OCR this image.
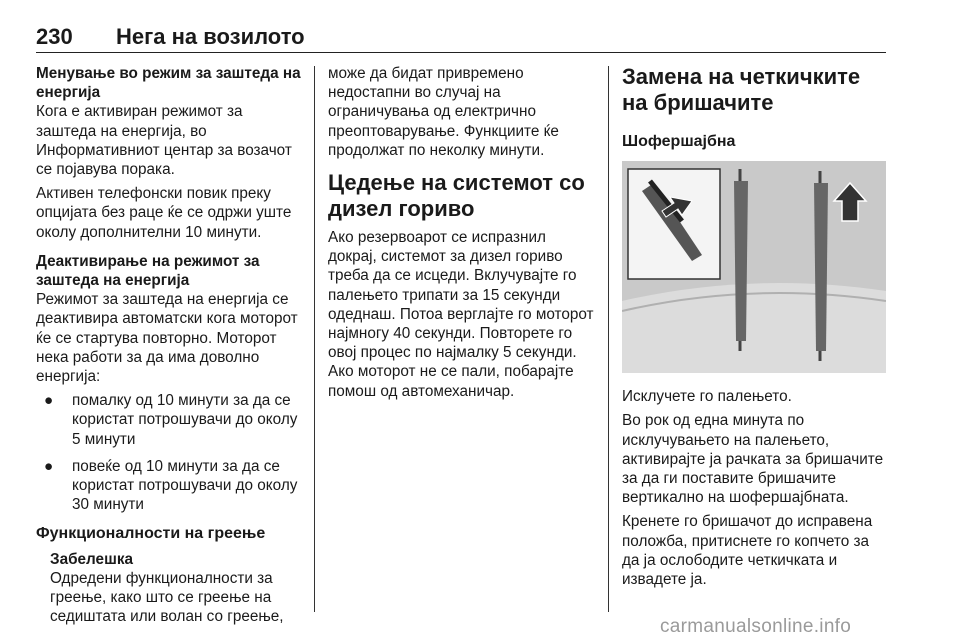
230 Нега на возилото

Менување во режим за заштеда на енергија

Кога е активиран режимот за заштеда на енергија, во Информативниот центар за возачот се појавува порака.

Активен телефонски повик преку опцијата без раце ќе се одржи уште околу дополнителни 10 минути.

Деактивирање на режимот за заштеда на енергија

Режимот за заштеда на енергија се деактивира автоматски кога моторот ќе се стартува повторно. Моторот нека работи за да има доволно енергија:

● помалку од 10 минути за да се користат потрошувачи до околу 5 минути
● повеќе од 10 минути за да се користат потрошувачи до околу 30 минути

Функционалности на греење

Забелешка

Одредени функционалности за греење, како што се греење на седиштата или волан со греење,

може да бидат привремено недостапни во случај на ограничувања од електрично преоптоварување. Функциите ќе продолжат по неколку минути.

Цедење на системот со дизел гориво

Ако резервоарот се испразнил докрај, системот за дизел гориво треба да се исцеди. Вклучувајте го палењето трипати за 15 секунди одеднаш. Потоа верглајте го моторот најмногу 40 секунди. Повторете го овој процес по најмалку 5 секунди. Ако моторот не се пали, побарајте помош од автомеханичар.

Замена на четкичките на бришачите

Шофершајбна

Исклучете го палењето.

Во рок од една минута по исклучувањето на палењето, активирајте ја рачката за бришачите за да ги поставите бришачите вертикално на шофершајбната.

Кренете го бришачот до исправена положба, притиснете го копчето за да ја ослободите четкичката и извадете ја.

carmanualsonline.info
